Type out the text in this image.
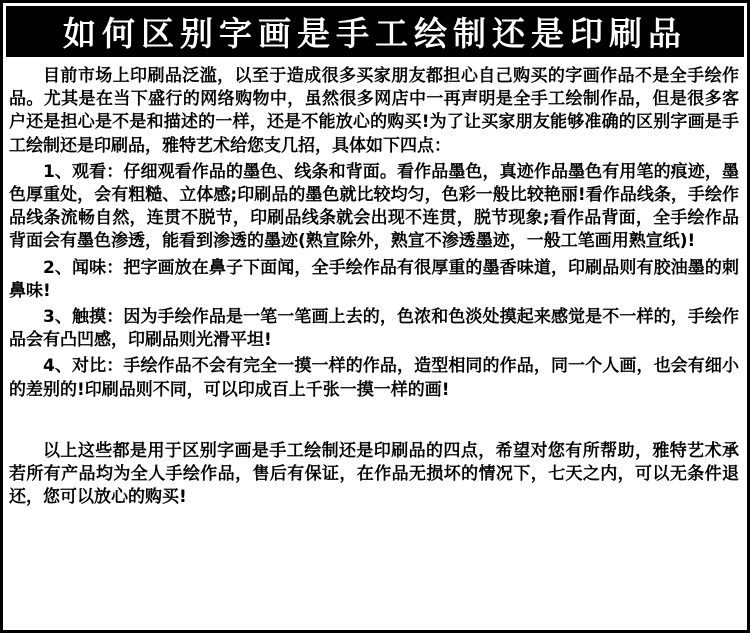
如何区别字画是手工绘制还是印刷品

目前市场上印刷品泛滥，以至于造成很多买家朋友都担心自己购买的字画作品不是全手绘作品。尤其是在当下盛行的网络购物中，虽然很多网店中一再声明是全手工绘制作品，但是很多客户还是担心是不是和描述的一样，还是不能放心的购买!为了让买家朋友能够准确的区别字画是手工绘制还是印刷品，雅特艺术给您支几招，具体如下四点：

1、观看：仔细观看作品的墨色、线条和背面。看作品墨色，真迹作品墨色有用笔的痕迹，墨色厚重处，会有粗糙、立体感;印刷品的墨色就比较均匀，色彩一般比较艳丽!看作品线条，手绘作品线条流畅自然，连贯不脱节，印刷品线条就会出现不连贯，脱节现象;看作品背面，全手绘作品背面会有墨色渗透，能看到渗透的墨迹(熟宣除外，熟宣不渗透墨迹，一般工笔画用熟宣纸)!

2、闻味：把字画放在鼻子下面闻，全手绘作品有很厚重的墨香味道，印刷品则有胶油墨的刺鼻味!

3、触摸：因为手绘作品是一笔一笔画上去的，色浓和色淡处摸起来感觉是不一样的，手绘作品会有凸凹感，印刷品则光滑平坦!

4、对比：手绘作品不会有完全一摸一样的作品，造型相同的作品，同一个人画，也会有细小的差别的!印刷品则不同，可以印成百上千张一摸一样的画!

以上这些都是用于区别字画是手工绘制还是印刷品的四点，希望对您有所帮助，雅特艺术承若所有产品均为全人手绘作品，售后有保证，在作品无损坏的情况下，七天之内，可以无条件退还，您可以放心的购买!
